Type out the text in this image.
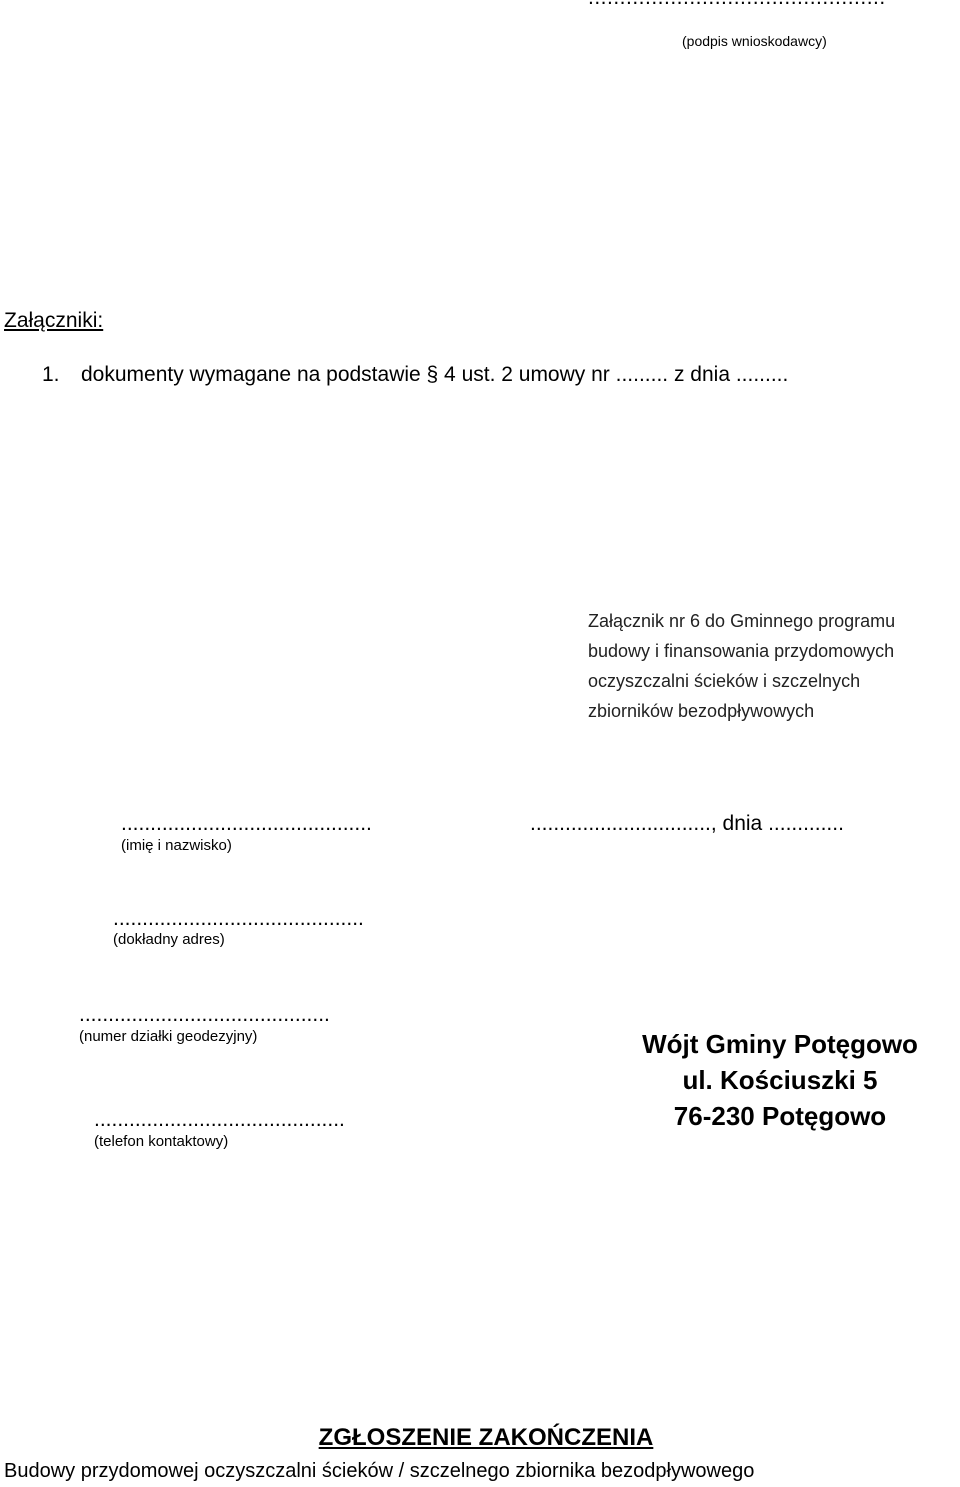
(podpis wnioskodawcy)
Załączniki:
1. dokumenty wymagane na podstawie § 4 ust. 2 umowy nr ......... z dnia .........
Załącznik nr 6 do Gminnego programu
budowy i finansowania przydomowych
oczyszczalni ścieków i szczelnych
zbiorników bezodpływowych
...........................................
(imię i nazwisko)
..............................., dnia .............
...........................................
(dokładny adres)
...........................................
(numer działki geodezyjny)
...........................................
(telefon kontaktowy)
Wójt Gminy Potęgowo
ul. Kościuszki 5
76-230 Potęgowo
ZGŁOSZENIE ZAKOŃCZENIA
Budowy przydomowej oczyszczalni ścieków / szczelnego zbiornika bezodpływowego
